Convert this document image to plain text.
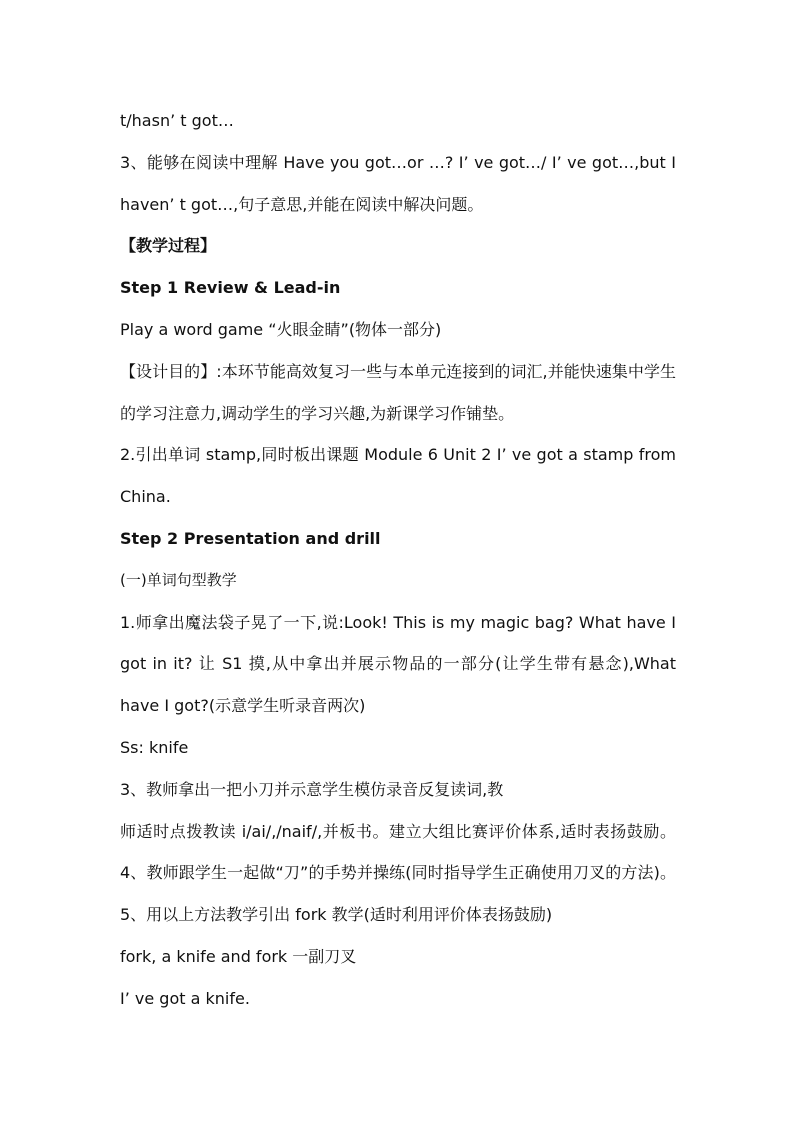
t/hasn’ t got…
3、能够在阅读中理解 Have you got…or …? I’ ve got…/ I’ ve got…,but I
haven’ t got…,句子意思,并能在阅读中解决问题。
【教学过程】
Step 1 Review & Lead-in
Play a word game “火眼金睛”(物体一部分)
【设计目的】:本环节能高效复习一些与本单元连接到的词汇,并能快速集中学生
的学习注意力,调动学生的学习兴趣,为新课学习作铺垫。
2.引出单词 stamp,同时板出课题 Module 6 Unit 2 I’ ve got a stamp from
China.
Step 2 Presentation and drill
(一)单词句型教学
1.师拿出魔法袋子晃了一下,说:Look! This is my magic bag? What have I
got in it? 让 S1 摸,从中拿出并展示物品的一部分(让学生带有悬念),What
have I got?(示意学生听录音两次)
Ss: knife
3、教师拿出一把小刀并示意学生模仿录音反复读词,教
师适时点拨教读 i/ai/,/naif/,并板书。建立大组比赛评价体系,适时表扬鼓励。
4、教师跟学生一起做“刀”的手势并操练(同时指导学生正确使用刀叉的方法)。
5、用以上方法教学引出 fork 教学(适时利用评价体表扬鼓励)
fork, a knife and fork 一副刀叉
I’ ve got a knife.
